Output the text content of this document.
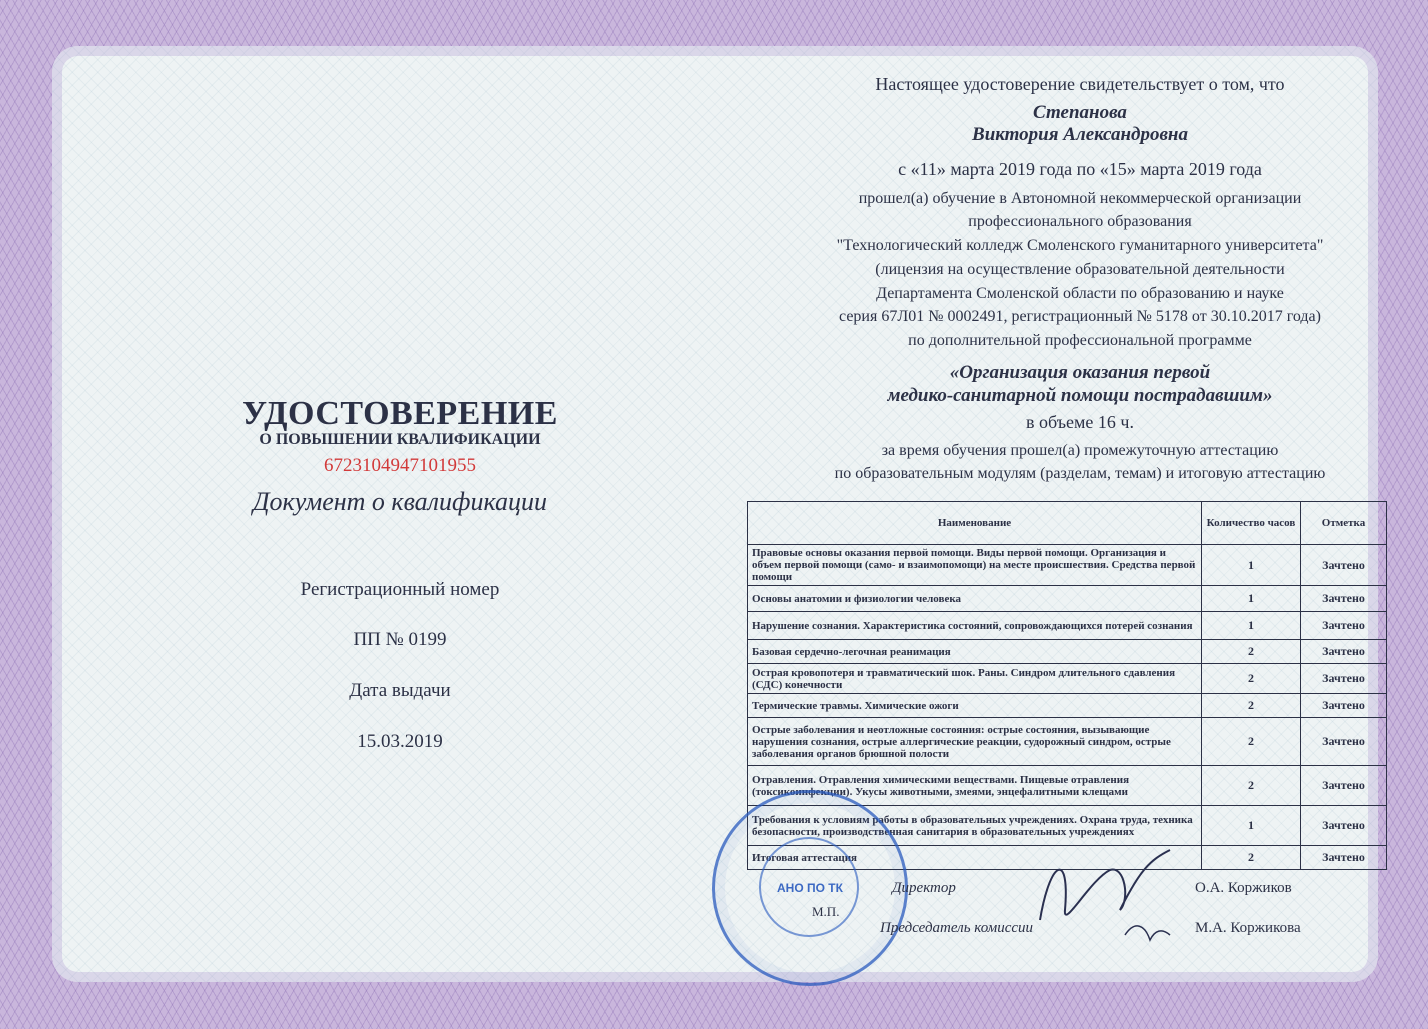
УДОСТОВЕРЕНИЕ
О ПОВЫШЕНИИ КВАЛИФИКАЦИИ
6723104947101955
Документ о квалификации
Регистрационный номер
ПП № 0199
Дата выдачи
15.03.2019
Настоящее удостоверение свидетельствует о том, что
Степанова
Виктория Александровна
с «11» марта 2019 года по «15» марта 2019 года
прошел(а) обучение в Автономной некоммерческой организации
профессионального образования
"Технологический колледж Смоленского гуманитарного университета"
(лицензия на осуществление образовательной деятельности
Департамента Смоленской области по образованию и науке
серия 67Л01 № 0002491, регистрационный № 5178 от 30.10.2017 года)
по дополнительной профессиональной программе
«Организация оказания первой
медико-санитарной помощи пострадавшим»
в объеме 16 ч.
за время обучения прошел(а) промежуточную аттестацию
по образовательным модулям (разделам, темам) и итоговую аттестацию
Наименование	Количество часов	Отметка
Правовые основы оказания первой помощи. Виды первой помощи. Организация и объем первой помощи (само- и взаимопомощи) на месте происшествия. Средства первой помощи	1	Зачтено
Основы анатомии и физиологии человека	1	Зачтено
Нарушение сознания. Характеристика состояний, сопровождающихся потерей сознания	1	Зачтено
Базовая сердечно-легочная реанимация	2	Зачтено
Острая кровопотеря и травматический шок. Раны. Синдром длительного сдавления (СДС) конечности	2	Зачтено
Термические травмы. Химические ожоги	2	Зачтено
Острые заболевания и неотложные состояния: острые состояния, вызывающие нарушения сознания, острые аллергические реакции, судорожный синдром, острые заболевания органов брюшной полости	2	Зачтено
Отравления. Отравления химическими веществами. Пищевые отравления (токсикоинфекции). Укусы животными, змеями, энцефалитными клещами	2	Зачтено
Требования к условиям работы в образовательных учреждениях. Охрана труда, техника безопасности, производственная санитария в образовательных учреждениях	1	Зачтено
Итоговая аттестация	2	Зачтено
АНО ПО ТК	Директор	О.А. Коржиков
М.П.
Председатель комиссии	М.А. Коржикова
